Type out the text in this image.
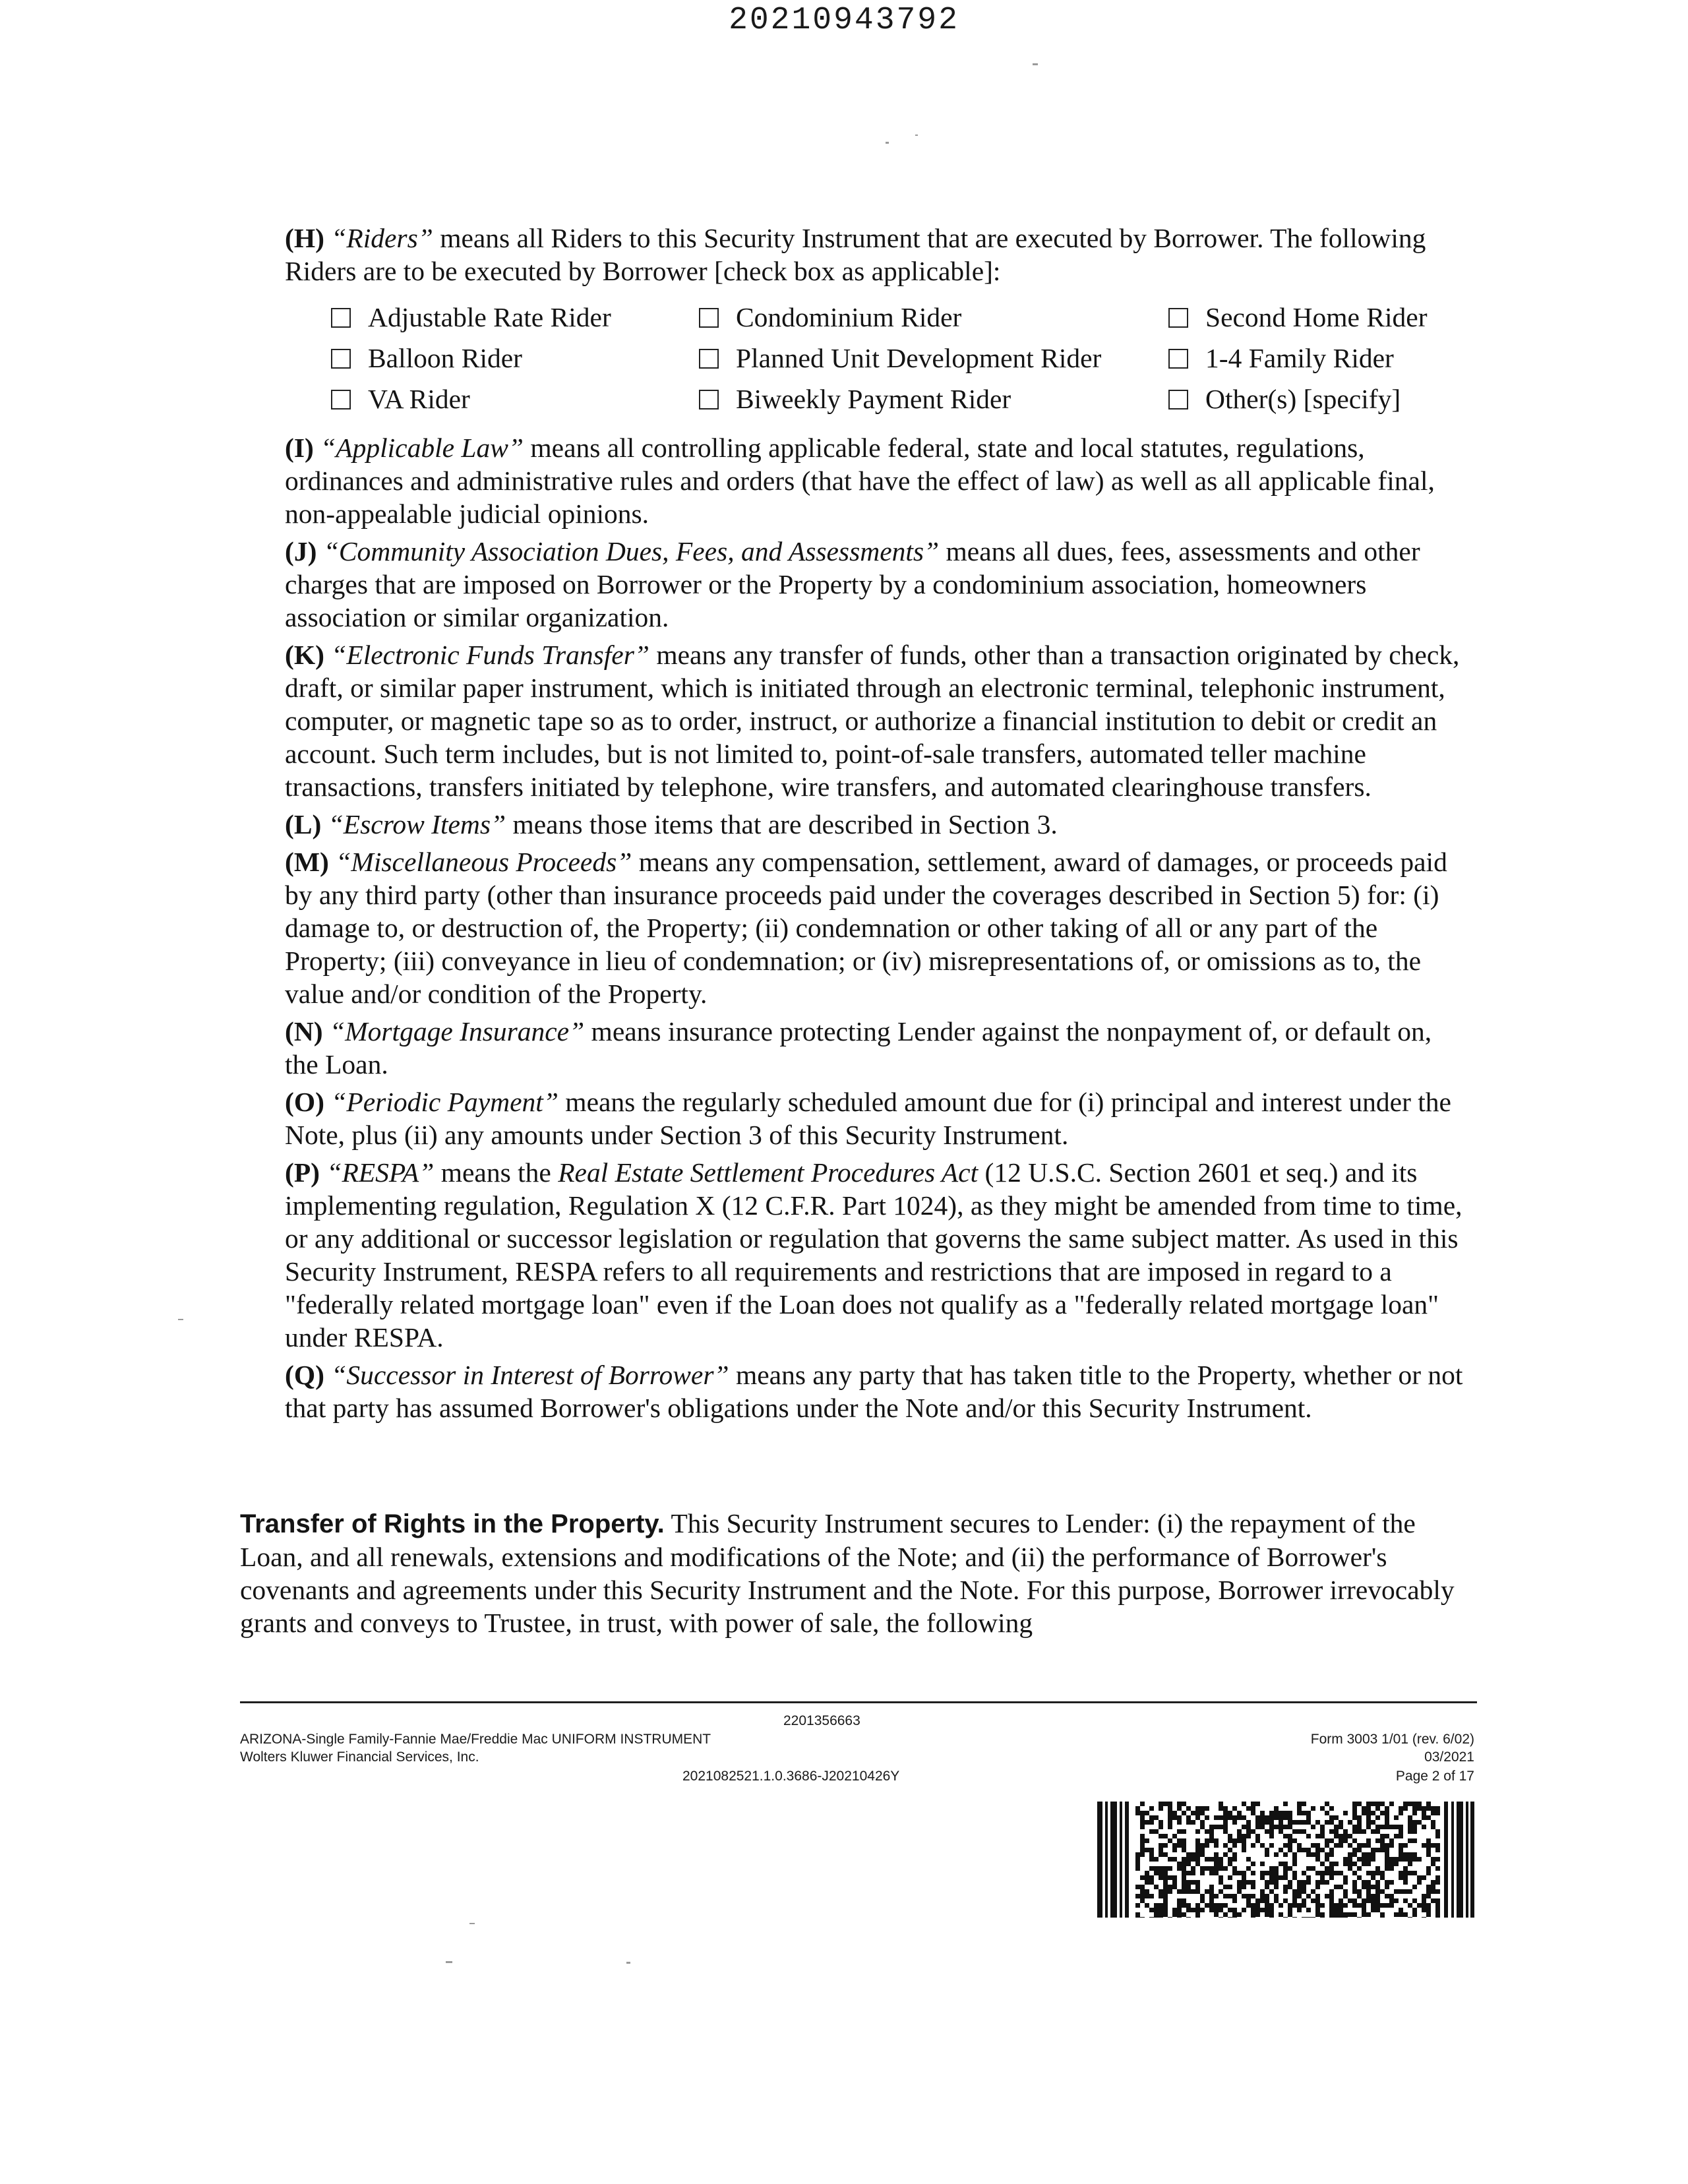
20210943792

(H) “Riders” means all Riders to this Security Instrument that are executed by Borrower. The following Riders are to be executed by Borrower [check box as applicable]:

Adjustable Rate Rider	Condominium Rider	Second Home Rider
Balloon Rider	Planned Unit Development Rider	1-4 Family Rider
VA Rider	Biweekly Payment Rider	Other(s) [specify]

(I) “Applicable Law” means all controlling applicable federal, state and local statutes, regulations, ordinances and administrative rules and orders (that have the effect of law) as well as all applicable final, non-appealable judicial opinions.

(J) “Community Association Dues, Fees, and Assessments” means all dues, fees, assessments and other charges that are imposed on Borrower or the Property by a condominium association, homeowners association or similar organization.

(K) “Electronic Funds Transfer” means any transfer of funds, other than a transaction originated by check, draft, or similar paper instrument, which is initiated through an electronic terminal, telephonic instrument, computer, or magnetic tape so as to order, instruct, or authorize a financial institution to debit or credit an account. Such term includes, but is not limited to, point-of-sale transfers, automated teller machine transactions, transfers initiated by telephone, wire transfers, and automated clearinghouse transfers.

(L) “Escrow Items” means those items that are described in Section 3.

(M) “Miscellaneous Proceeds” means any compensation, settlement, award of damages, or proceeds paid by any third party (other than insurance proceeds paid under the coverages described in Section 5) for: (i) damage to, or destruction of, the Property; (ii) condemnation or other taking of all or any part of the Property; (iii) conveyance in lieu of condemnation; or (iv) misrepresentations of, or omissions as to, the value and/or condition of the Property.

(N) “Mortgage Insurance” means insurance protecting Lender against the nonpayment of, or default on, the Loan.

(O) “Periodic Payment” means the regularly scheduled amount due for (i) principal and interest under the Note, plus (ii) any amounts under Section 3 of this Security Instrument.

(P) “RESPA” means the Real Estate Settlement Procedures Act (12 U.S.C. Section 2601 et seq.) and its implementing regulation, Regulation X (12 C.F.R. Part 1024), as they might be amended from time to time, or any additional or successor legislation or regulation that governs the same subject matter. As used in this Security Instrument, RESPA refers to all requirements and restrictions that are imposed in regard to a "federally related mortgage loan" even if the Loan does not qualify as a "federally related mortgage loan" under RESPA.

(Q) “Successor in Interest of Borrower” means any party that has taken title to the Property, whether or not that party has assumed Borrower's obligations under the Note and/or this Security Instrument.

Transfer of Rights in the Property. This Security Instrument secures to Lender: (i) the repayment of the Loan, and all renewals, extensions and modifications of the Note; and (ii) the performance of Borrower's covenants and agreements under this Security Instrument and the Note. For this purpose, Borrower irrevocably grants and conveys to Trustee, in trust, with power of sale, the following
2201356663
ARIZONA-Single Family-Fannie Mae/Freddie Mac UNIFORM INSTRUMENT
Wolters Kluwer Financial Services, Inc.
2021082521.1.0.3686-J20210426Y
Form 3003 1/01 (rev. 6/02)
03/2021
Page 2 of 17
